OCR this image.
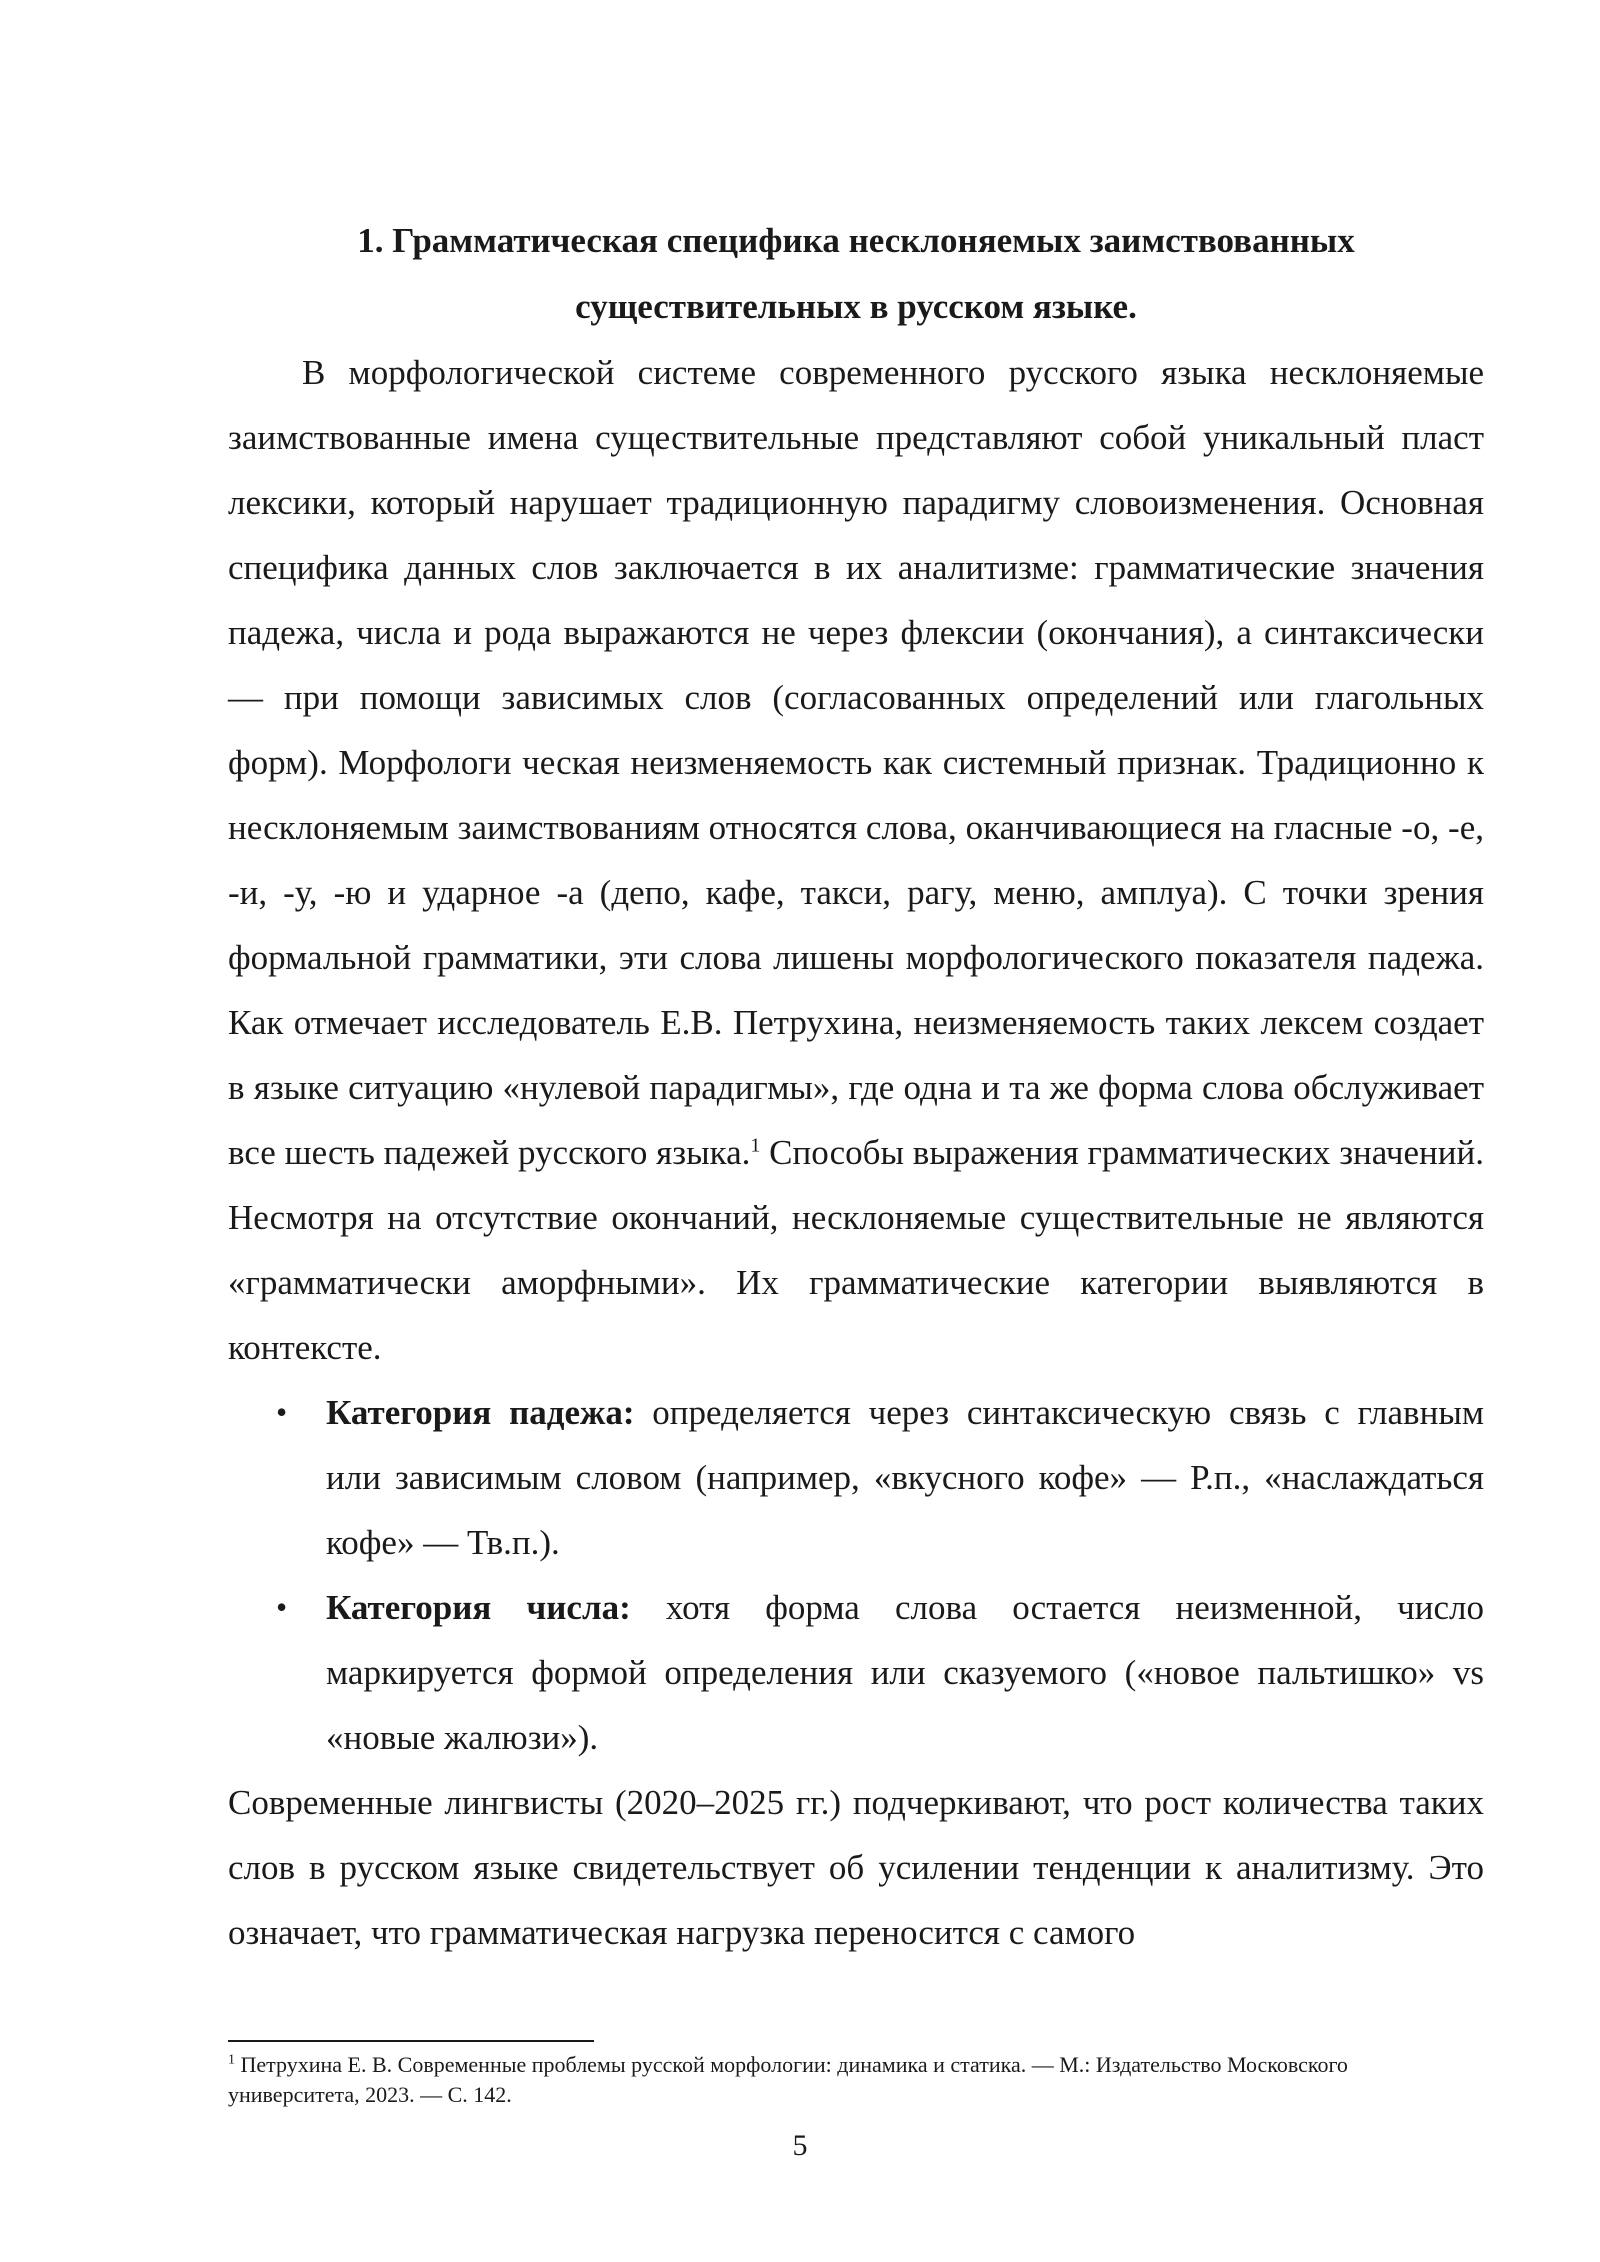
1. Грамматическая специфика несклоняемых заимствованных
существительных в русском языке.

В морфологической системе современного русского языка несклоняемые заимствованные имена существительные представляют собой уникальный пласт лексики, который нарушает традиционную парадигму словоизменения. Основная специфика данных слов заключается в их аналитизме: грамматические значения падежа, числа и рода выражаются не через флексии (окончания), а синтаксически — при помощи зависимых слов (согласованных определений или глагольных форм). Морфологи ческая неизменяемость как системный признак. Традиционно к несклоняемым заимствованиям относятся слова, оканчивающиеся на гласные -о, -е, -и, -у, -ю и ударное -а (депо, кафе, такси, рагу, меню, амплуа). С точки зрения формальной грамматики, эти слова лишены морфологического показателя падежа. Как отмечает исследователь Е.В. Петрухина, неизменяемость таких лексем создает в языке ситуацию «нулевой парадигмы», где одна и та же форма слова обслуживает все шесть падежей русского языка.$^1$ Способы выражения грамматических значений. Несмотря на отсутствие окончаний, несклоняемые существительные не являются «грамматически аморфными». Их грамматические категории выявляются в контексте.

• Категория падежа: определяется через синтаксическую связь с главным или зависимым словом (например, «вкусного кофе» — Р.п., «наслаждаться кофе» — Тв.п.).
• Категория числа: хотя форма слова остается неизменной, число маркируется формой определения или сказуемого («новое пальтишко» vs «новые жалюзи»).

Современные лингвисты (2020–2025 гг.) подчеркивают, что рост количества таких слов в русском языке свидетельствует об усилении тенденции к аналитизму. Это означает, что грамматическая нагрузка переносится с самого

$^1$ Петрухина Е. В. Современные проблемы русской морфологии: динамика и статика. — М.: Издательство Московского университета, 2023. — С. 142.

5
